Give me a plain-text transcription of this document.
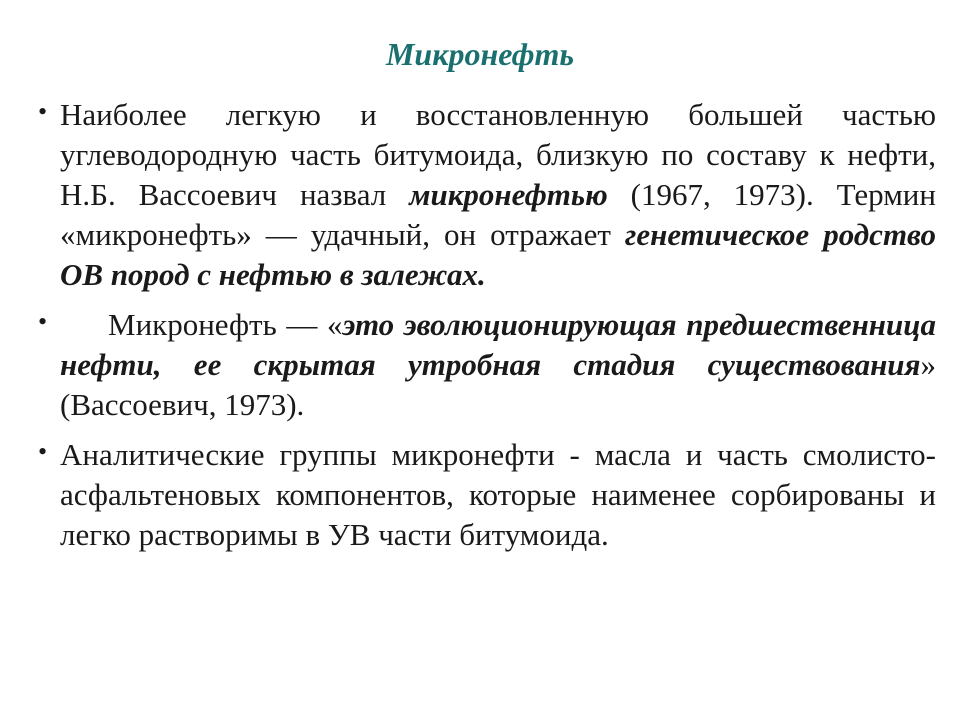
Микронефть
• Наиболее легкую и восстановленную большей частью углеводородную часть битумоида, близкую по составу к нефти, Н.Б. Вассоевич назвал микронефтью (1967, 1973). Термин «микронефть» — удачный, он отражает генетическое родство ОВ пород с нефтью в залежах.
• Микронефть — «это эволюционирующая предшественница нефти, ее скрытая утробная стадия существования» (Вассоевич, 1973).
• Аналитические группы микронефти - масла и часть смолисто-асфальтеновых компонентов, которые наименее сорбированы и легко растворимы в УВ части битумоида.
